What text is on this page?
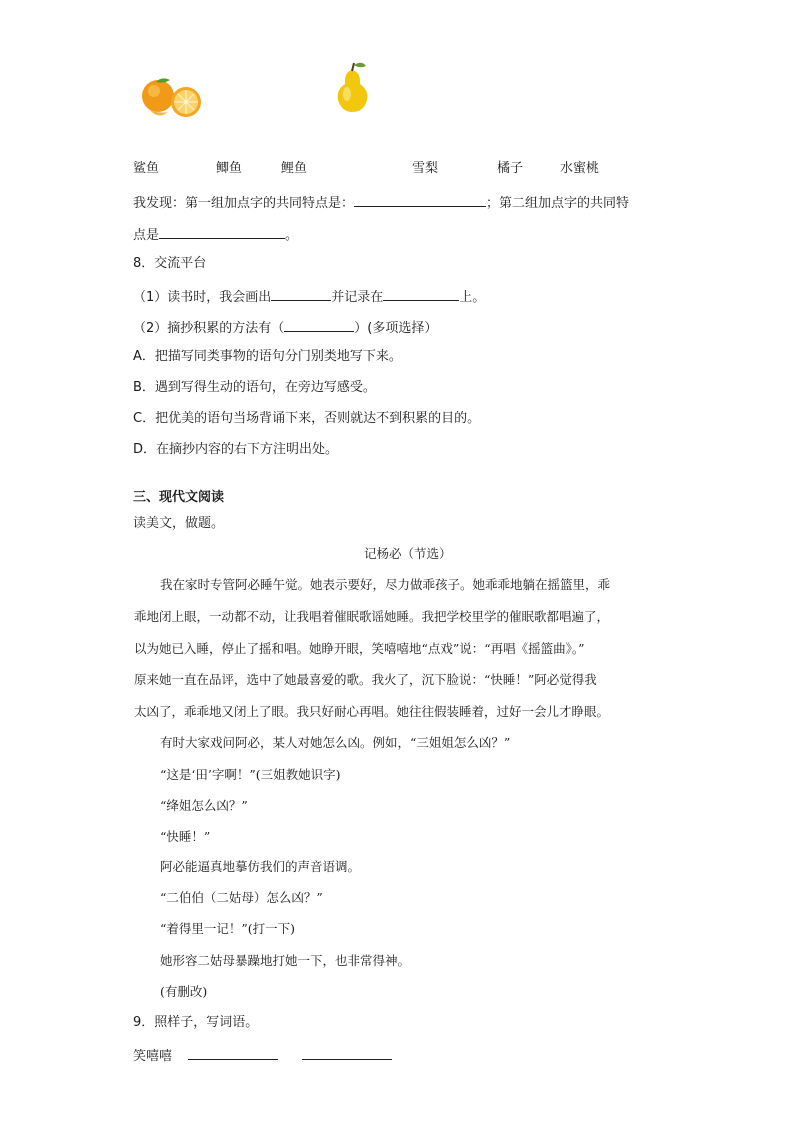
鲨鱼	鲫鱼	鲤鱼	雪梨	橘子	水蜜桃
我发现：第一组加点字的共同特点是：	；第二组加点字的共同特
点是	。
8．交流平台
（1）读书时，我会画出	并记录在	上。
（2）摘抄积累的方法有（	）(多项选择）
A．把描写同类事物的语句分门别类地写下来。
B．遇到写得生动的语句，在旁边写感受。
C．把优美的语句当场背诵下来，否则就达不到积累的目的。
D．在摘抄内容的右下方注明出处。
三、现代文阅读
读美文，做题。
记杨必（节选）
我在家时专管阿必睡午觉。她表示要好，尽力做乖孩子。她乖乖地躺在摇篮里，乖
乖地闭上眼，一动都不动，让我唱着催眠歌谣她睡。我把学校里学的催眠歌都唱遍了，
以为她已入睡，停止了摇和唱。她睁开眼，笑嘻嘻地“点戏”说：“再唱《摇篮曲》。”
原来她一直在品评，选中了她最喜爱的歌。我火了，沉下脸说：“快睡！”阿必觉得我
太凶了，乖乖地又闭上了眼。我只好耐心再唱。她往往假装睡着，过好一会儿才睁眼。
有时大家戏问阿必，某人对她怎么凶。例如，“三姐姐怎么凶？”
“这是‘田’字啊！”(三姐教她识字)
“绛姐怎么凶？”
“快睡！”
阿必能逼真地摹仿我们的声音语调。
“二伯伯（二姑母）怎么凶？”
“着得里一记！”(打一下)
她形容二姑母暴躁地打她一下，也非常得神。
(有删改)
9．照样子，写词语。
笑嘻嘻
